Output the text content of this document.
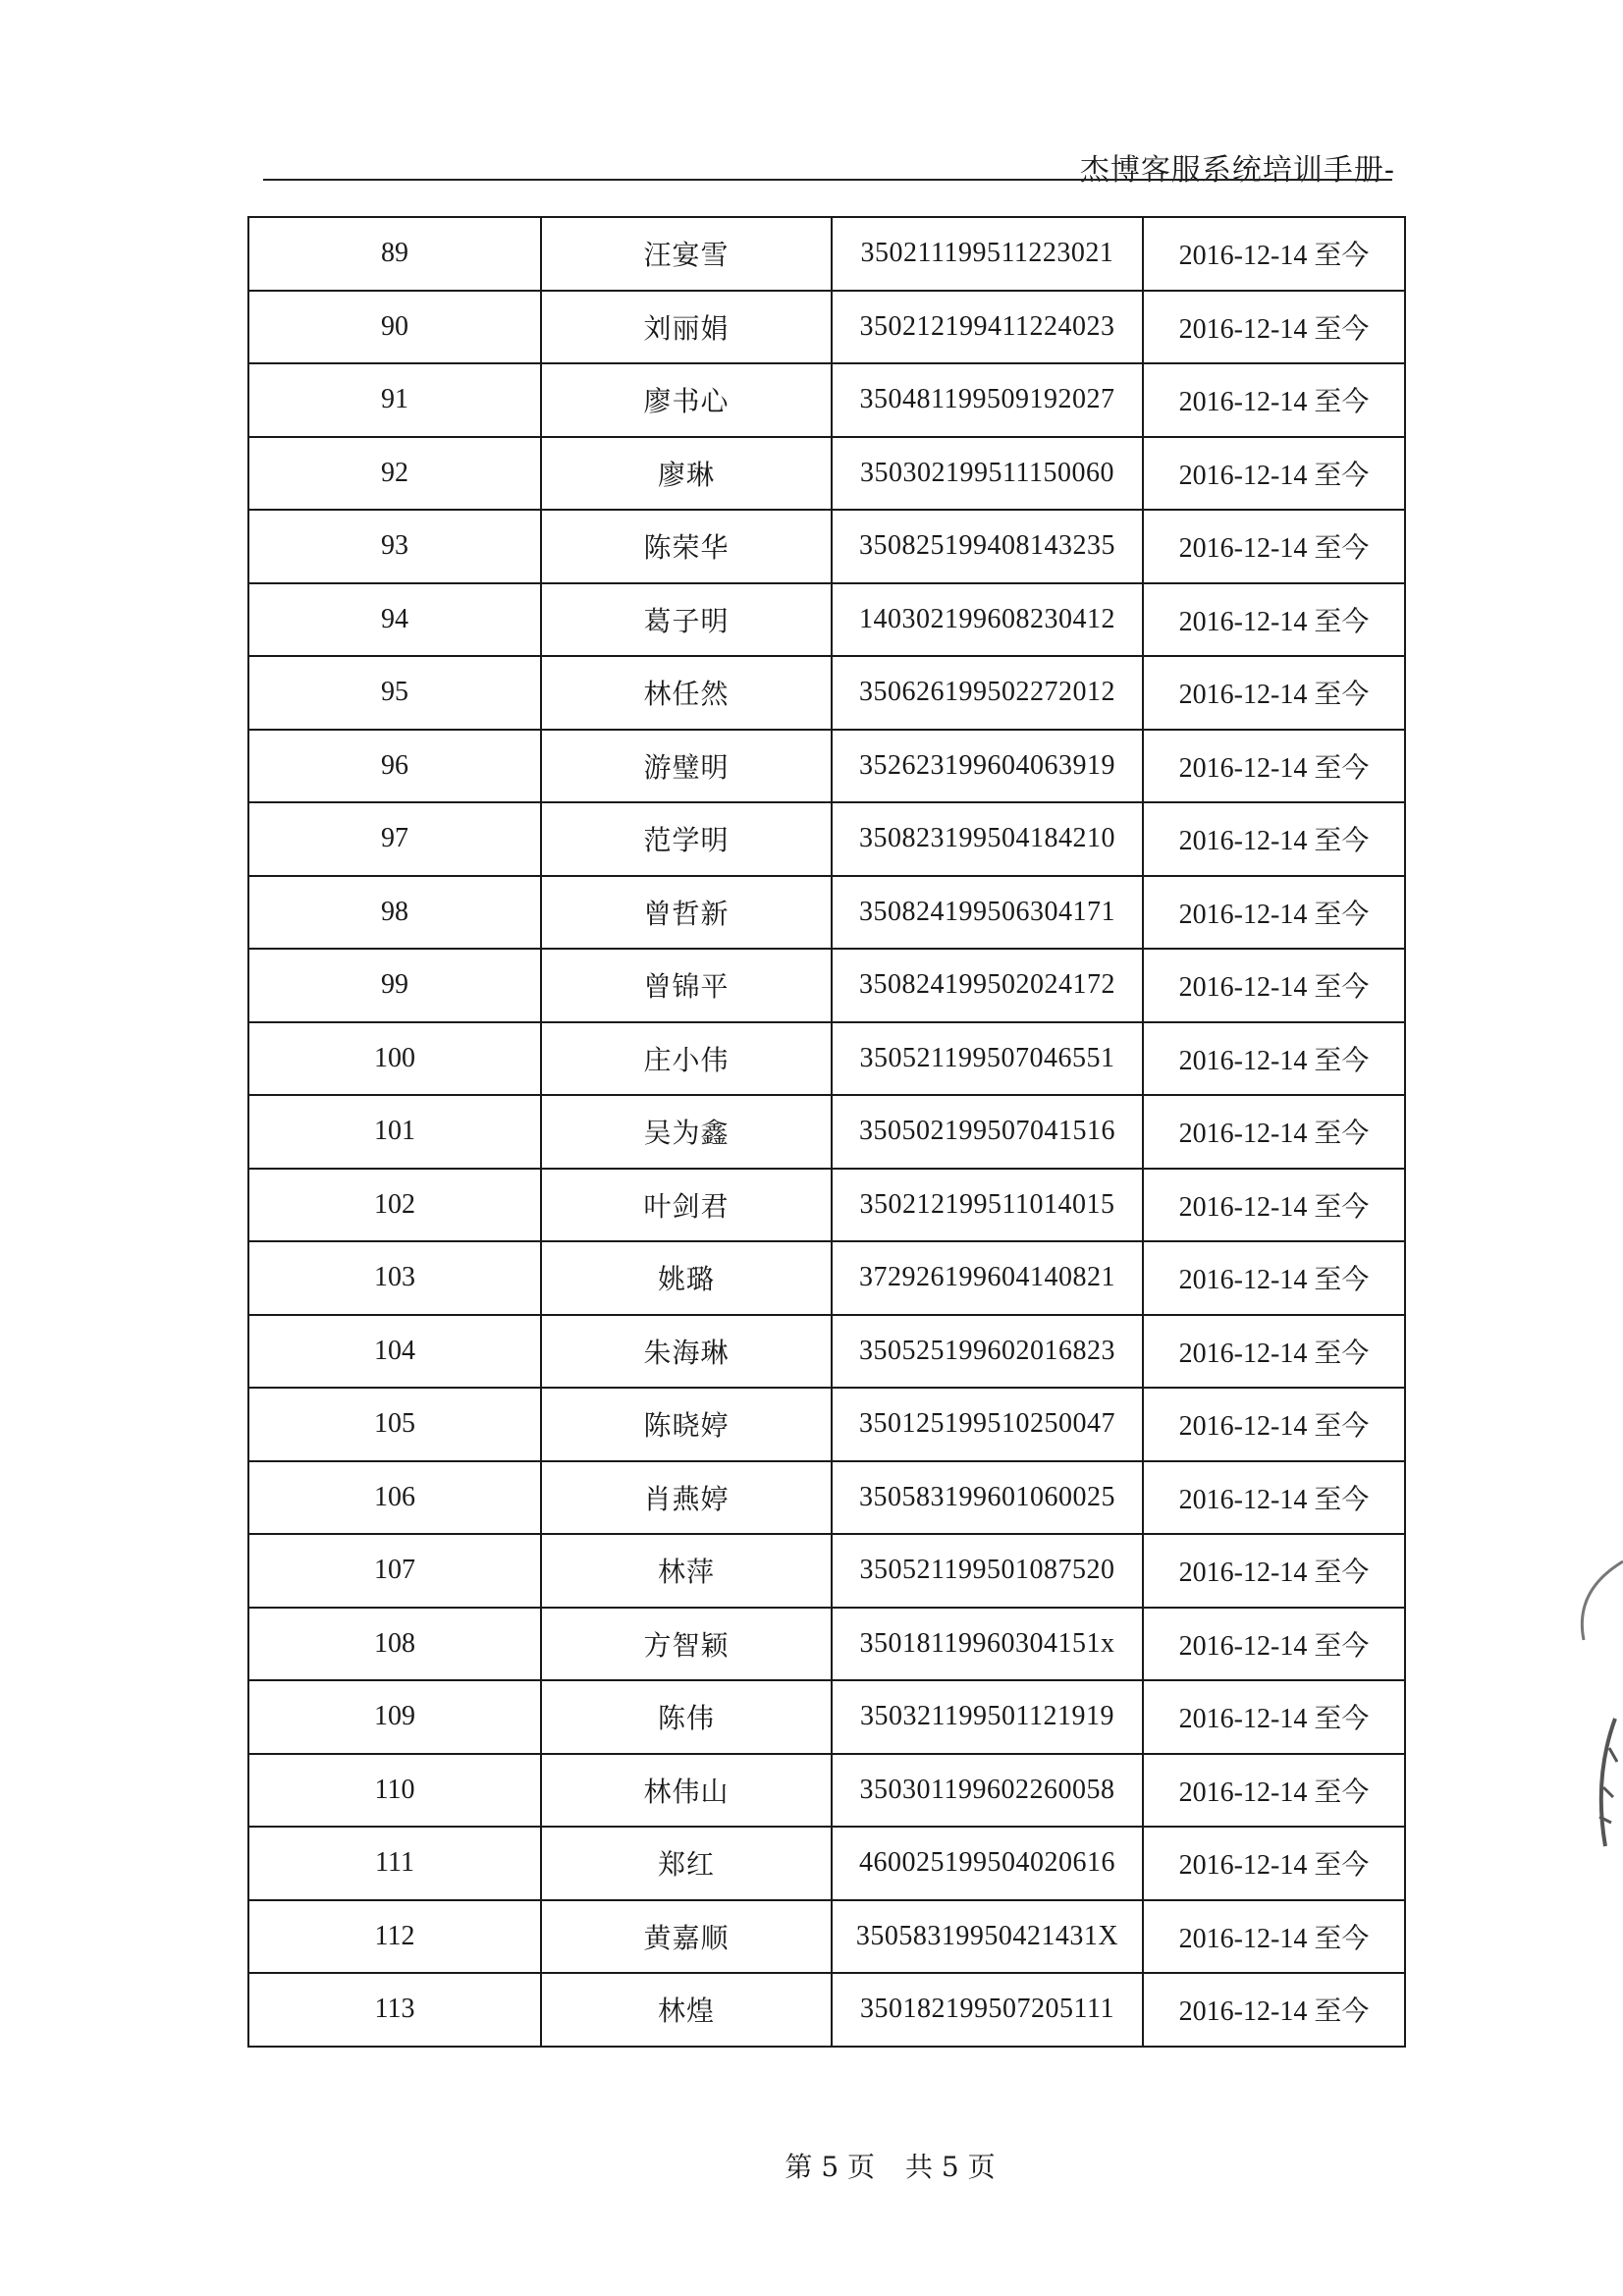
杰博客服系统培训手册-
89	汪宴雪	350211199511223021	2016-12-14 至今
90	刘丽娟	350212199411224023	2016-12-14 至今
91	廖书心	350481199509192027	2016-12-14 至今
92	廖琳	350302199511150060	2016-12-14 至今
93	陈荣华	350825199408143235	2016-12-14 至今
94	葛子明	140302199608230412	2016-12-14 至今
95	林任然	350626199502272012	2016-12-14 至今
96	游璧明	352623199604063919	2016-12-14 至今
97	范学明	350823199504184210	2016-12-14 至今
98	曾哲新	350824199506304171	2016-12-14 至今
99	曾锦平	350824199502024172	2016-12-14 至今
100	庄小伟	350521199507046551	2016-12-14 至今
101	吴为鑫	350502199507041516	2016-12-14 至今
102	叶剑君	350212199511014015	2016-12-14 至今
103	姚璐	372926199604140821	2016-12-14 至今
104	朱海琳	350525199602016823	2016-12-14 至今
105	陈晓婷	350125199510250047	2016-12-14 至今
106	肖燕婷	350583199601060025	2016-12-14 至今
107	林萍	350521199501087520	2016-12-14 至今
108	方智颖	35018119960304151x	2016-12-14 至今
109	陈伟	350321199501121919	2016-12-14 至今
110	林伟山	350301199602260058	2016-12-14 至今
111	郑红	460025199504020616	2016-12-14 至今
112	黄嘉顺	35058319950421431X	2016-12-14 至今
113	林煌	350182199507205111	2016-12-14 至今
第 5 页 共 5 页
